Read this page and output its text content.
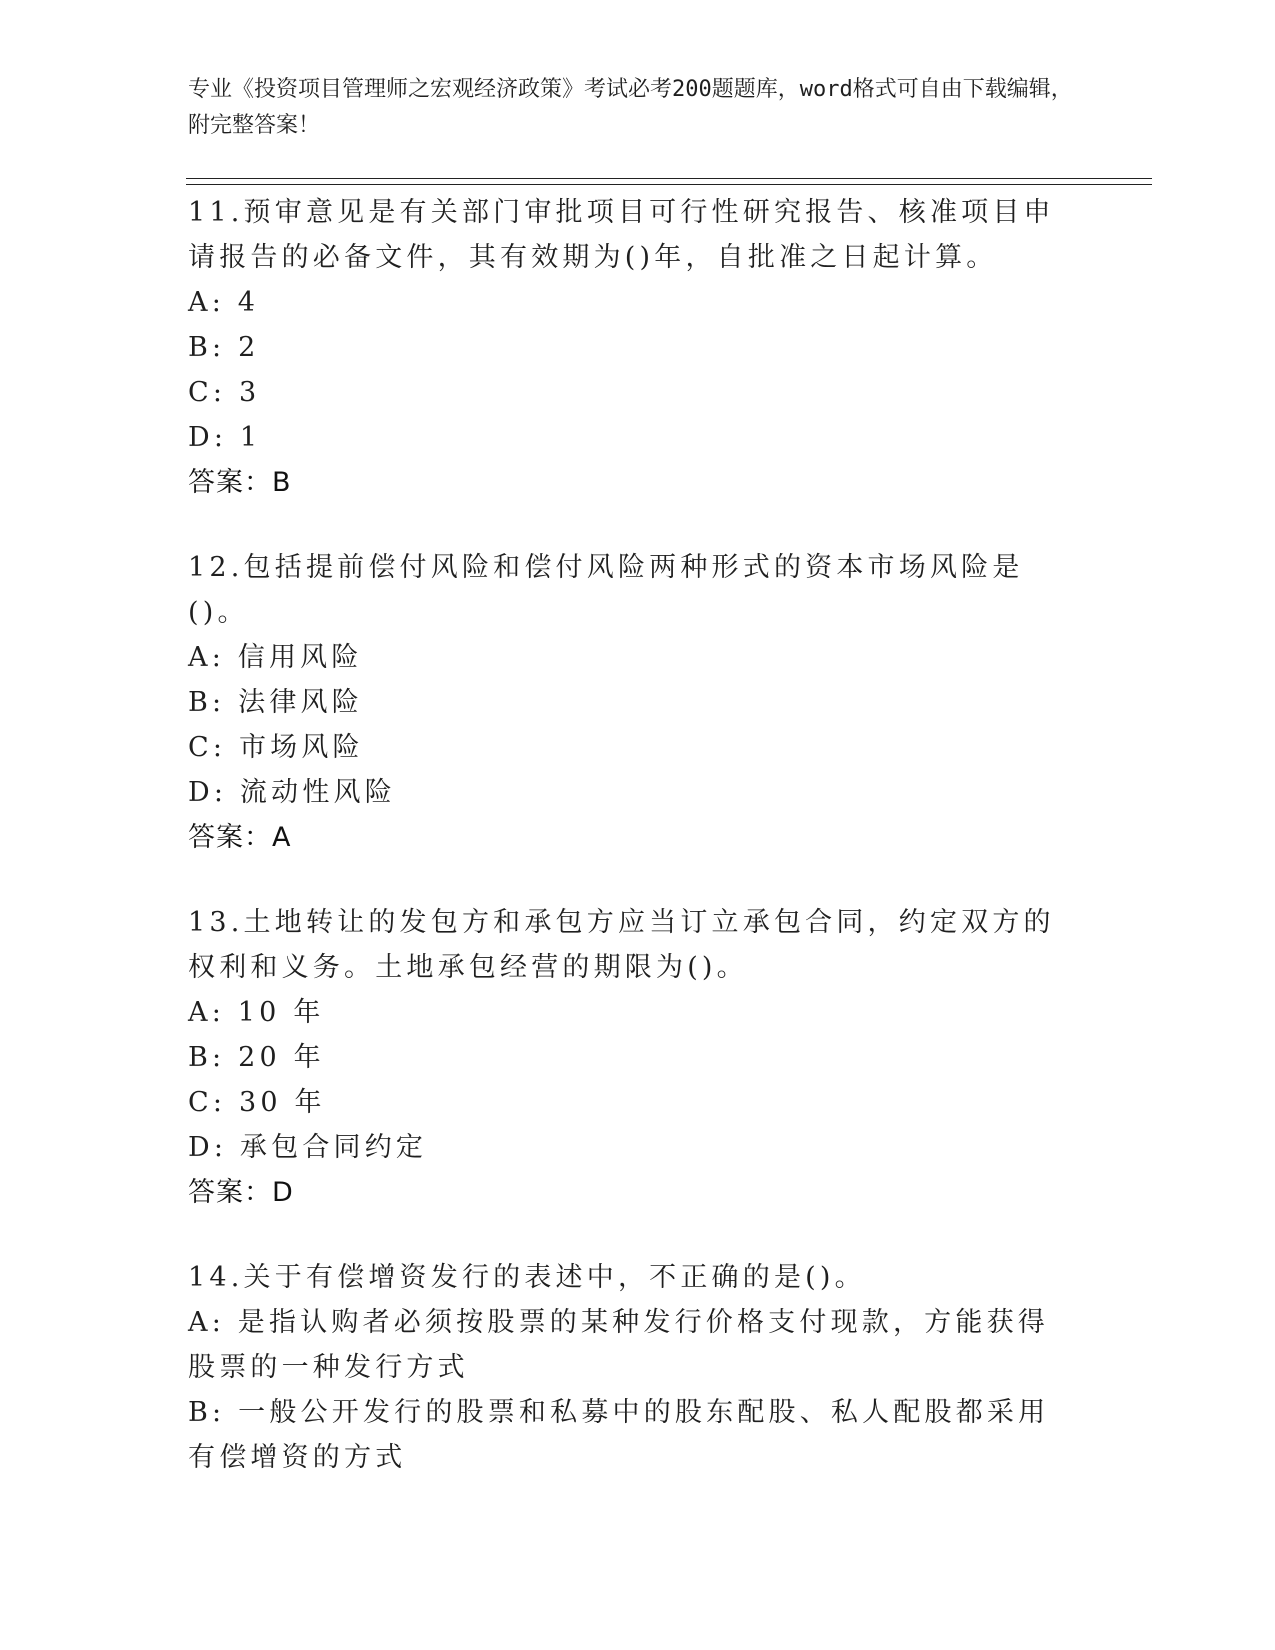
专业《投资项目管理师之宏观经济政策》考试必考200题题库，word格式可自由下载编辑，附完整答案！
11.预审意见是有关部门审批项目可行性研究报告、核准项目申请报告的必备文件，其有效期为()年，自批准之日起计算。
A: 4
B: 2
C: 3
D: 1
答案：B
12.包括提前偿付风险和偿付风险两种形式的资本市场风险是()。
A: 信用风险
B: 法律风险
C: 市场风险
D: 流动性风险
答案：A
13.土地转让的发包方和承包方应当订立承包合同，约定双方的权利和义务。土地承包经营的期限为()。
A: 10 年
B: 20 年
C: 30 年
D: 承包合同约定
答案：D
14.关于有偿增资发行的表述中，不正确的是()。
A: 是指认购者必须按股票的某种发行价格支付现款，方能获得股票的一种发行方式
B: 一般公开发行的股票和私募中的股东配股、私人配股都采用有偿增资的方式
